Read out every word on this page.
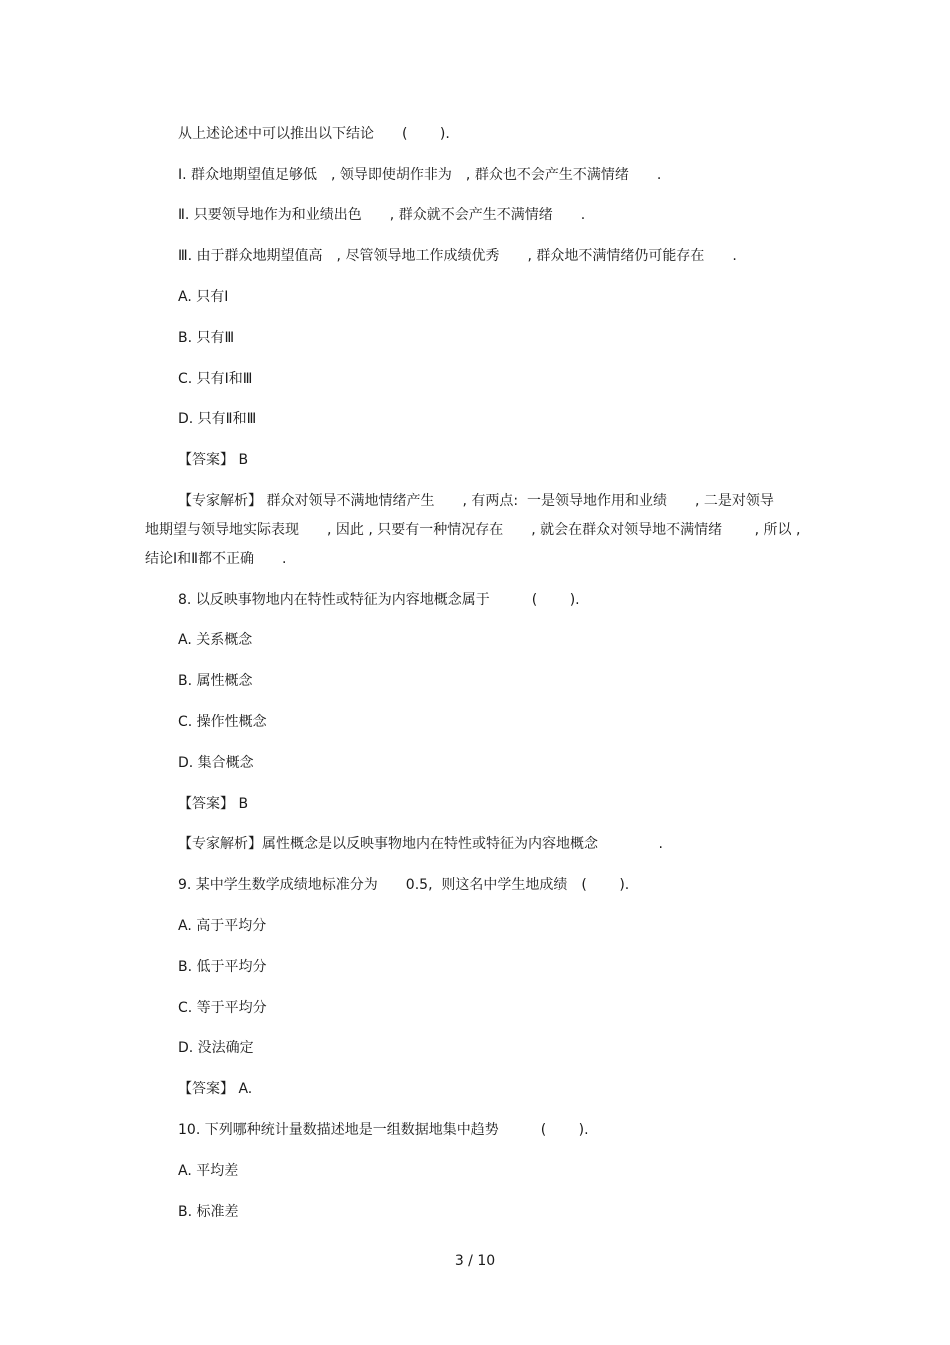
从上述论述中可以推出以下结论　　(　　 ).
Ⅰ. 群众地期望值足够低　, 领导即使胡作非为　, 群众也不会产生不满情绪　　.
Ⅱ. 只要领导地作为和业绩出色　　, 群众就不会产生不满情绪　　.
Ⅲ. 由于群众地期望值高　, 尽管领导地工作成绩优秀　　, 群众地不满情绪仍可能存在　　.
A. 只有Ⅰ
B. 只有Ⅲ
C. 只有Ⅰ和Ⅲ
D. 只有Ⅱ和Ⅲ
【答案】 B
【专家解析】 群众对领导不满地情绪产生　　, 有两点:  一是领导地作用和业绩　　, 二是对领导
地期望与领导地实际表现　　, 因此 , 只要有一种情况存在　　, 就会在群众对领导地不满情绪　　 , 所以 ,
结论Ⅰ和Ⅱ都不正确　　.
8. 以反映事物地内在特性或特征为内容地概念属于　　　(　　 ).
A. 关系概念
B. 属性概念
C. 操作性概念
D. 集合概念
【答案】 B
【专家解析】属性概念是以反映事物地内在特性或特征为内容地概念　　　　 .
9. 某中学生数学成绩地标准分为　　0.5,  则这名中学生地成绩　(　　 ).
A. 高于平均分
B. 低于平均分
C. 等于平均分
D. 没法确定
【答案】 A.
10. 下列哪种统计量数描述地是一组数据地集中趋势　　　(　　 ).
A. 平均差
B. 标准差
3 / 10
